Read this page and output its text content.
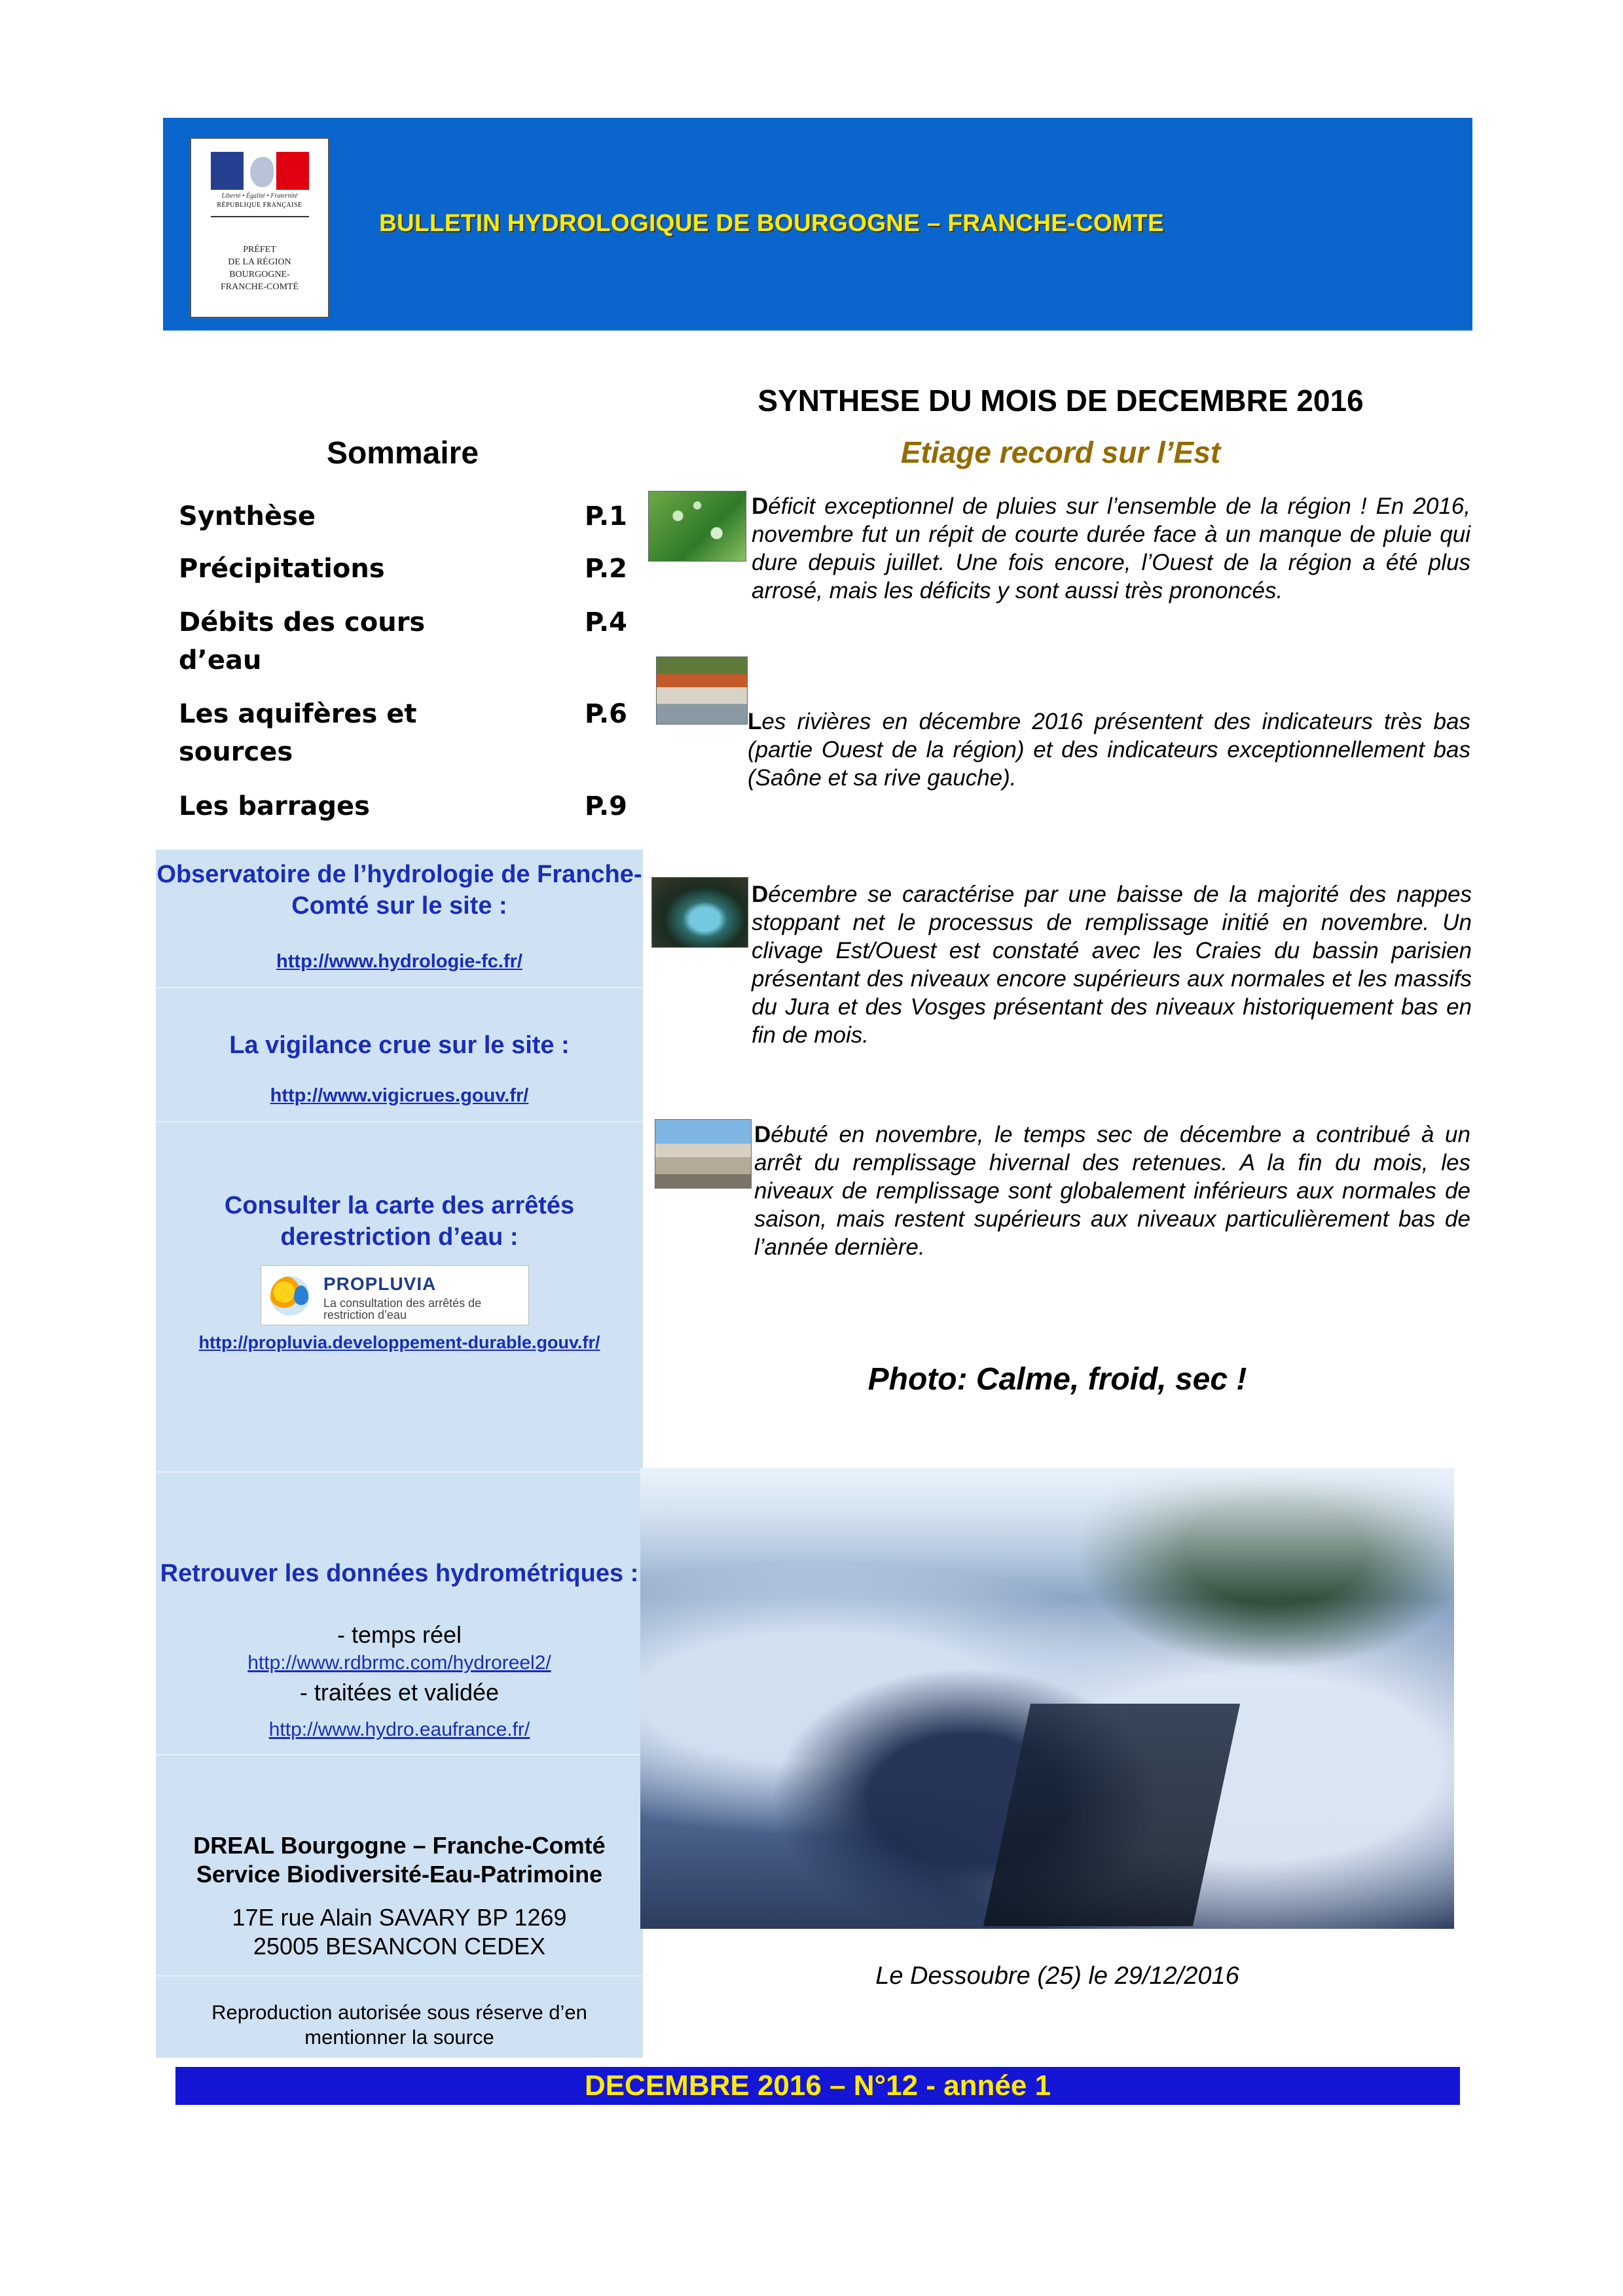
Liberté • Égalité • Fraternité
RÉPUBLIQUE FRANÇAISE
PRÉFET
DE LA RÉGION
BOURGOGNE-
FRANCHE-COMTÉ
BULLETIN HYDROLOGIQUE DE BOURGOGNE – FRANCHE-COMTE
Sommaire
Synthèse	P.1
Précipitations	P.2
Débits des cours d’eau
P.4
Les aquifères et sources
P.6
Les barrages	P.9
Observatoire de l’hydrologie de Franche-Comté sur le site :
http://www.hydrologie-fc.fr/
La vigilance crue sur le site :
http://www.vigicrues.gouv.fr/
Consulter la carte des arrêtés derestriction d’eau :
PROPLUVIA
La consultation des arrêtés de restriction d’eau
http://propluvia.developpement-durable.gouv.fr/
Retrouver les données hydrométriques :
- temps réel
http://www.rdbrmc.com/hydroreel2/
- traitées et validée
http://www.hydro.eaufrance.fr/
DREAL Bourgogne – Franche-Comté
Service Biodiversité-Eau-Patrimoine
17E rue Alain SAVARY BP 1269
25005 BESANCON CEDEX
Reproduction autorisée sous réserve d’en mentionner la source
SYNTHESE DU MOIS DE DECEMBRE 2016
Etiage record sur l’Est
Déficit exceptionnel de pluies sur l’ensemble de la région ! En 2016, novembre fut un répit de courte durée face à un manque de pluie qui dure depuis juillet. Une fois encore, l’Ouest de la région a été plus arrosé, mais les déficits y sont aussi très prononcés.
Les rivières en décembre 2016 présentent des indicateurs très bas (partie Ouest de la région) et des indicateurs exceptionnellement bas (Saône et sa rive gauche).
Décembre se caractérise par une baisse de la majorité des nappes stoppant net le processus de remplissage initié en novembre. Un clivage Est/Ouest est constaté avec les Craies du bassin parisien présentant des niveaux encore supérieurs aux normales et les massifs du Jura et des Vosges présentant des niveaux historiquement bas en fin de mois.
Débuté en novembre, le temps sec de décembre a contribué à un arrêt du remplissage hivernal des retenues. A la fin du mois, les niveaux de remplissage sont globalement inférieurs aux normales de saison, mais restent supérieurs aux niveaux particulièrement bas de l’année dernière.
Photo: Calme, froid, sec !
Le Dessoubre (25) le 29/12/2016
DECEMBRE 2016 – N°12 - année 1
